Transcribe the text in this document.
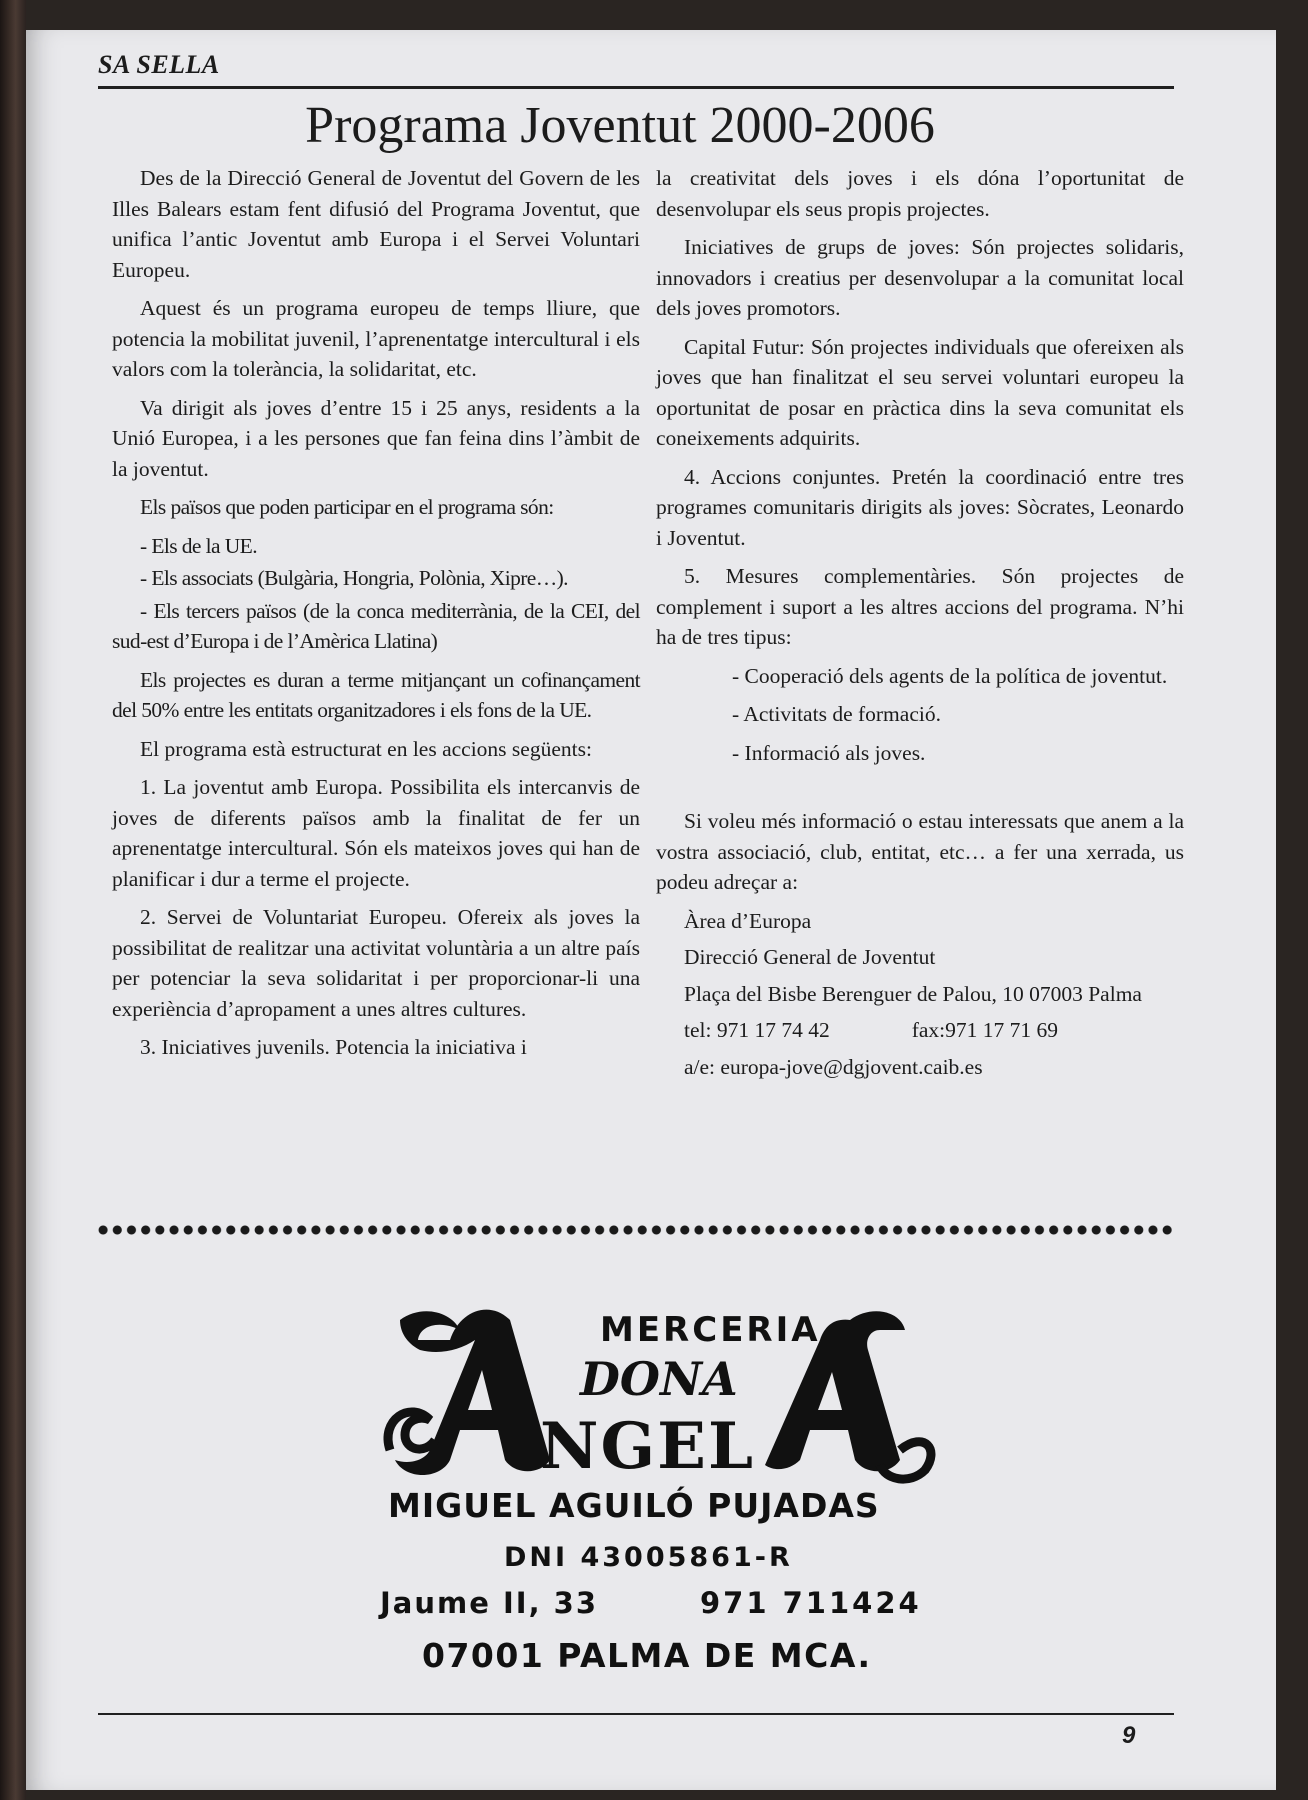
SA SELLA
Programa Joventut 2000-2006

Des de la Direcció General de Joventut del Govern de les Illes Balears estam fent difusió del Programa Joventut, que unifica l’antic Joventut amb Europa i el Servei Voluntari Europeu.

Aquest és un programa europeu de temps lliure, que potencia la mobilitat juvenil, l’aprenentatge intercultural i els valors com la tolerància, la solidaritat, etc.

Va dirigit als joves d’entre 15 i 25 anys, residents a la Unió Europea, i a les persones que fan feina dins l’àmbit de la joventut.

Els països que poden participar en el programa són:

- Els de la UE.

- Els associats (Bulgària, Hongria, Polònia, Xipre…).

- Els tercers països (de la conca mediterrània, de la CEI, del sud-est d’Europa i de l’Amèrica Llatina)

Els projectes es duran a terme mitjançant un cofinançament del 50% entre les entitats organitzadores i els fons de la UE.

El programa està estructurat en les accions següents:

1. La joventut amb Europa. Possibilita els intercanvis de joves de diferents països amb la finalitat de fer un aprenentatge intercultural. Són els mateixos joves qui han de planificar i dur a terme el projecte.

2. Servei de Voluntariat Europeu. Ofereix als joves la possibilitat de realitzar una activitat voluntària a un altre país per potenciar la seva solidaritat i per proporcionar-li una experiència d’apropament a unes altres cultures.

3. Iniciatives juvenils. Potencia la iniciativa i

la creativitat dels joves i els dóna l’oportunitat de desenvolupar els seus propis projectes.

Iniciatives de grups de joves: Són projectes solidaris, innovadors i creatius per desenvolupar a la comunitat local dels joves promotors.

Capital Futur: Són projectes individuals que ofereixen als joves que han finalitzat el seu servei voluntari europeu la oportunitat de posar en pràctica dins la seva comunitat els coneixements adquirits.

4. Accions conjuntes. Pretén la coordinació entre tres programes comunitaris dirigits als joves: Sòcrates, Leonardo i Joventut.

5. Mesures complementàries. Són projectes de complement i suport a les altres accions del programa. N’hi ha de tres tipus:

- Cooperació dels agents de la política de joventut.

- Activitats de formació.

- Informació als joves.

Si voleu més informació o estau interessats que anem a la vostra associació, club, entitat, etc… a fer una xerrada, us podeu adreçar a:

Àrea d’Europa

Direcció General de Joventut

Plaça del Bisbe Berenguer de Palou, 10 07003 Palma

tel: 971 17 74 42	fax:971 17 71 69

a/e: europa-jove@dgjovent.caib.es

DONA
NGEL
MERCERIA
MIGUEL AGUILÓ PUJADAS
DNI 43005861-R
Jaume II, 33	971 711424
07001 PALMA DE MCA.
9
